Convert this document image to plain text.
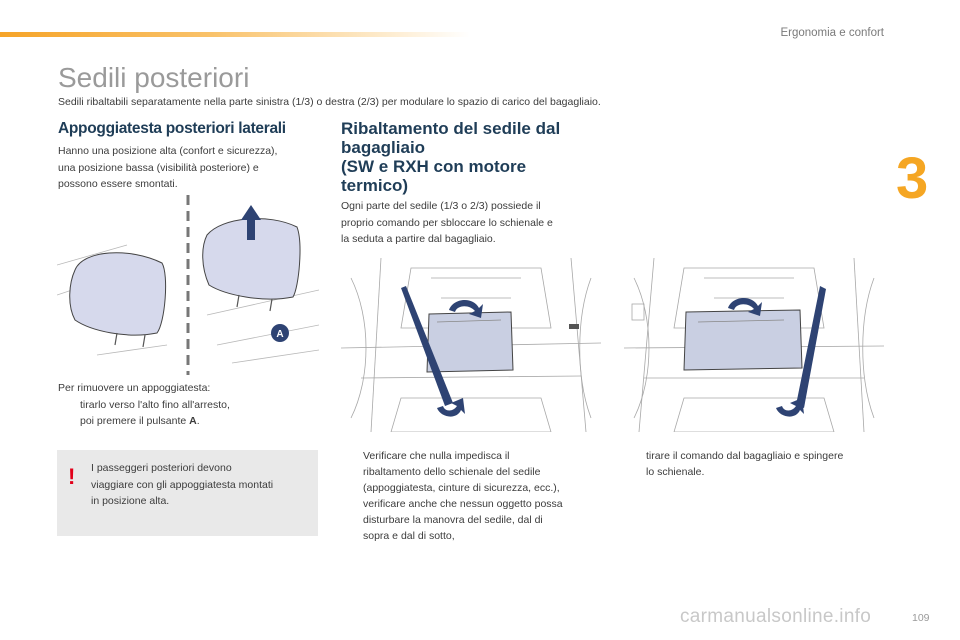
Ergonomia e confort
3
Sedili posteriori
Sedili ribaltabili separatamente nella parte sinistra (1/3) o destra (2/3) per modulare lo spazio di carico del bagagliaio.
Appoggiatesta posteriori laterali

Hanno una posizione alta (confort e sicurezza),
una posizione bassa (visibilità posteriore) e
possono essere smontati.

A

Per rimuovere un appoggiatesta:

tirarlo verso l'alto fino all'arresto,
poi premere il pulsante A.
! I passeggeri posteriori devono
viaggiare con gli appoggiatesta montati
in posizione alta.
Ribaltamento del sedile dal
bagagliaio
(SW e RXH con motore
termico)

Ogni parte del sedile (1/3 o 2/3) possiede il
proprio comando per sbloccare lo schienale e
la seduta a partire dal bagagliaio.

Verificare che nulla impedisca il
ribaltamento dello schienale del sedile
(appoggiatesta, cinture di sicurezza, ecc.),
verificare anche che nessun oggetto possa
disturbare la manovra del sedile, dal di
sopra e dal di sotto,
tirare il comando dal bagagliaio e spingere
lo schienale.
carmanualsonline.info	109
